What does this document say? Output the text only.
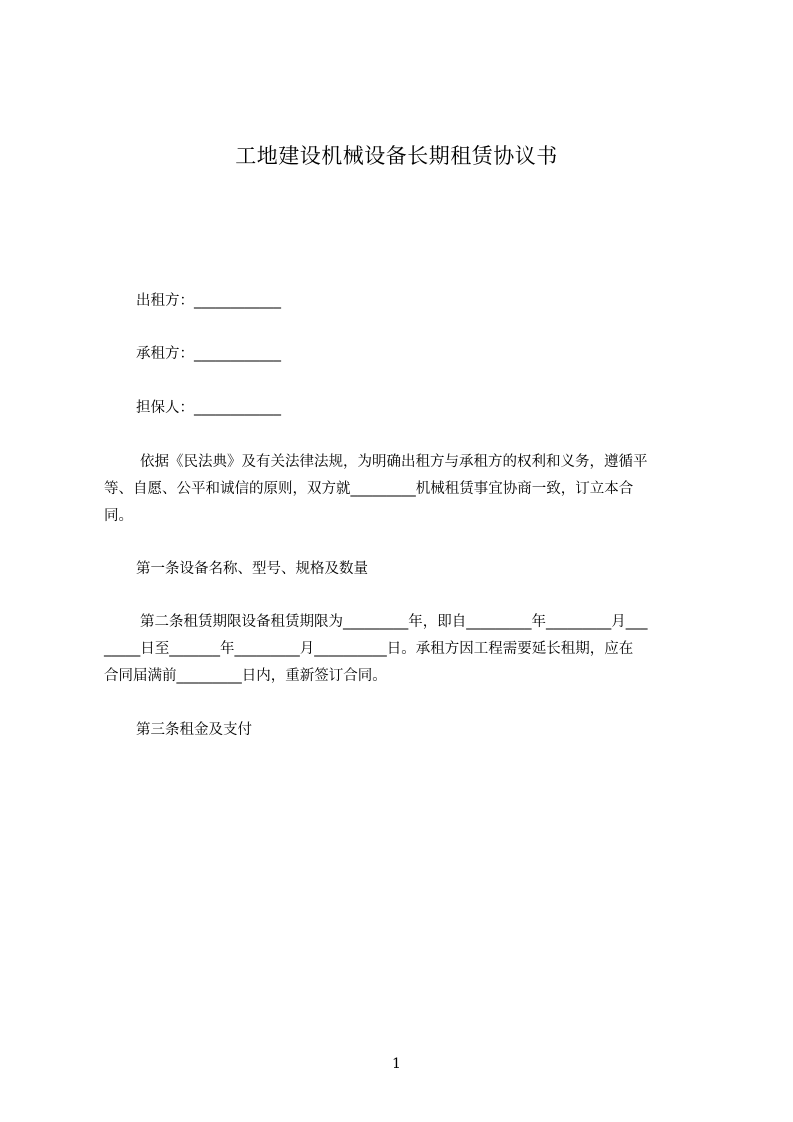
工地建设机械设备长期租赁协议书
出租方：____________
承租方：____________
担保人：____________
依据《民法典》及有关法律法规，为明确出租方与承租方的权利和义务，遵循平
等、自愿、公平和诚信的原则，双方就_________机械租赁事宜协商一致，订立本合
同。
第一条设备名称、型号、规格及数量
第二条租赁期限设备租赁期限为_________年，即自_________年_________月___
_____日至_______年_________月__________日。承租方因工程需要延长租期，应在
合同届满前_________日内，重新签订合同。
第三条租金及支付
1
